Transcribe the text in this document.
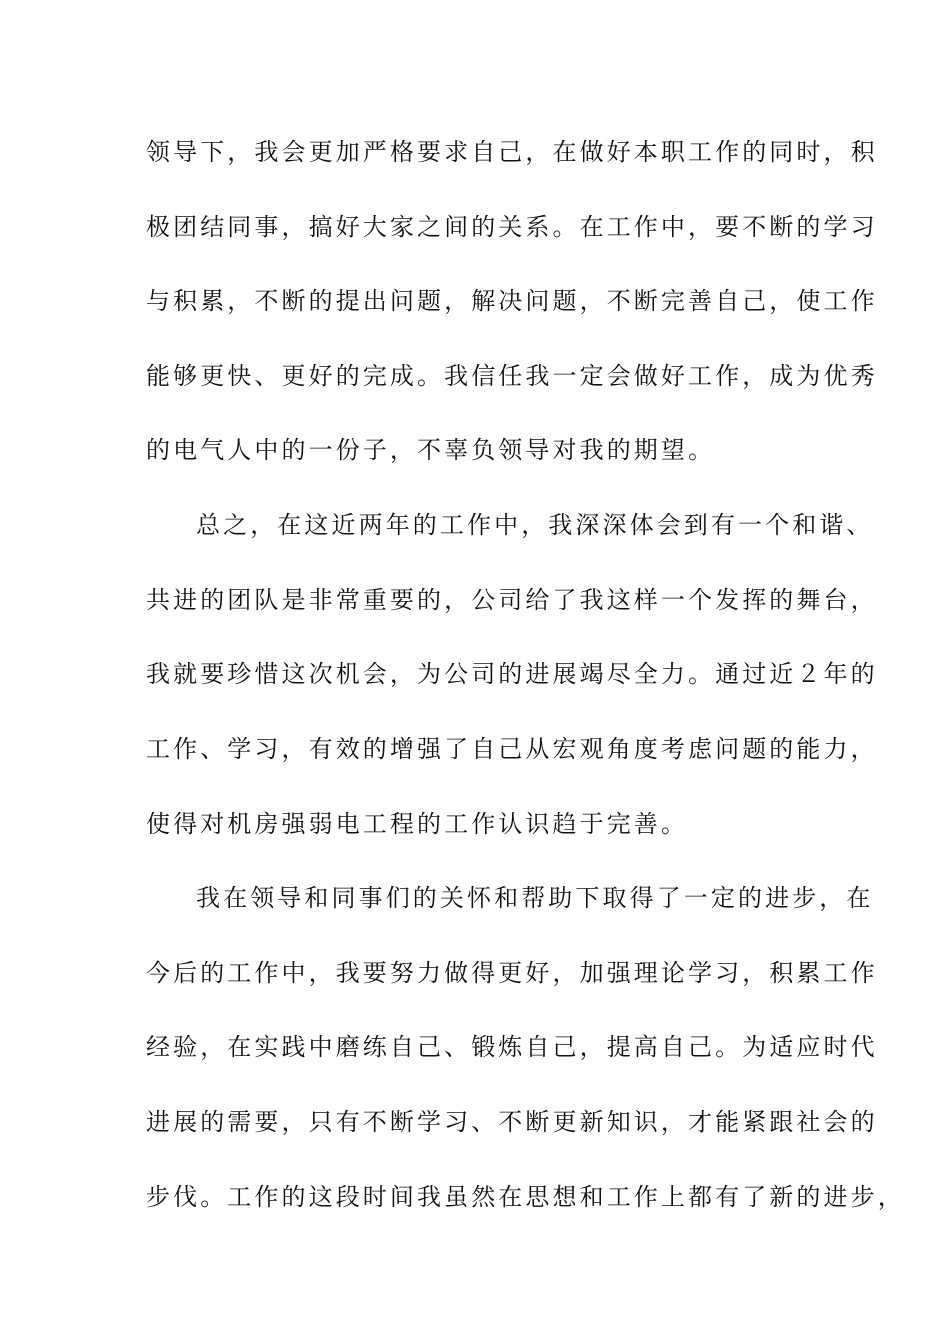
领导下，我会更加严格要求自己，在做好本职工作的同时，积
极团结同事，搞好大家之间的关系。在工作中，要不断的学习
与积累，不断的提出问题，解决问题，不断完善自己，使工作
能够更快、更好的完成。我信任我一定会做好工作，成为优秀
的电气人中的一份子，不辜负领导对我的期望。
总之，在这近两年的工作中，我深深体会到有一个和谐、
共进的团队是非常重要的，公司给了我这样一个发挥的舞台，
我就要珍惜这次机会，为公司的进展竭尽全力。通过近２年的
工作、学习，有效的增强了自己从宏观角度考虑问题的能力，
使得对机房强弱电工程的工作认识趋于完善。
我在领导和同事们的关怀和帮助下取得了一定的进步，在
今后的工作中，我要努力做得更好，加强理论学习，积累工作
经验，在实践中磨练自己、锻炼自己，提高自己。为适应时代
进展的需要，只有不断学习、不断更新知识，才能紧跟社会的
步伐。工作的这段时间我虽然在思想和工作上都有了新的进步，
